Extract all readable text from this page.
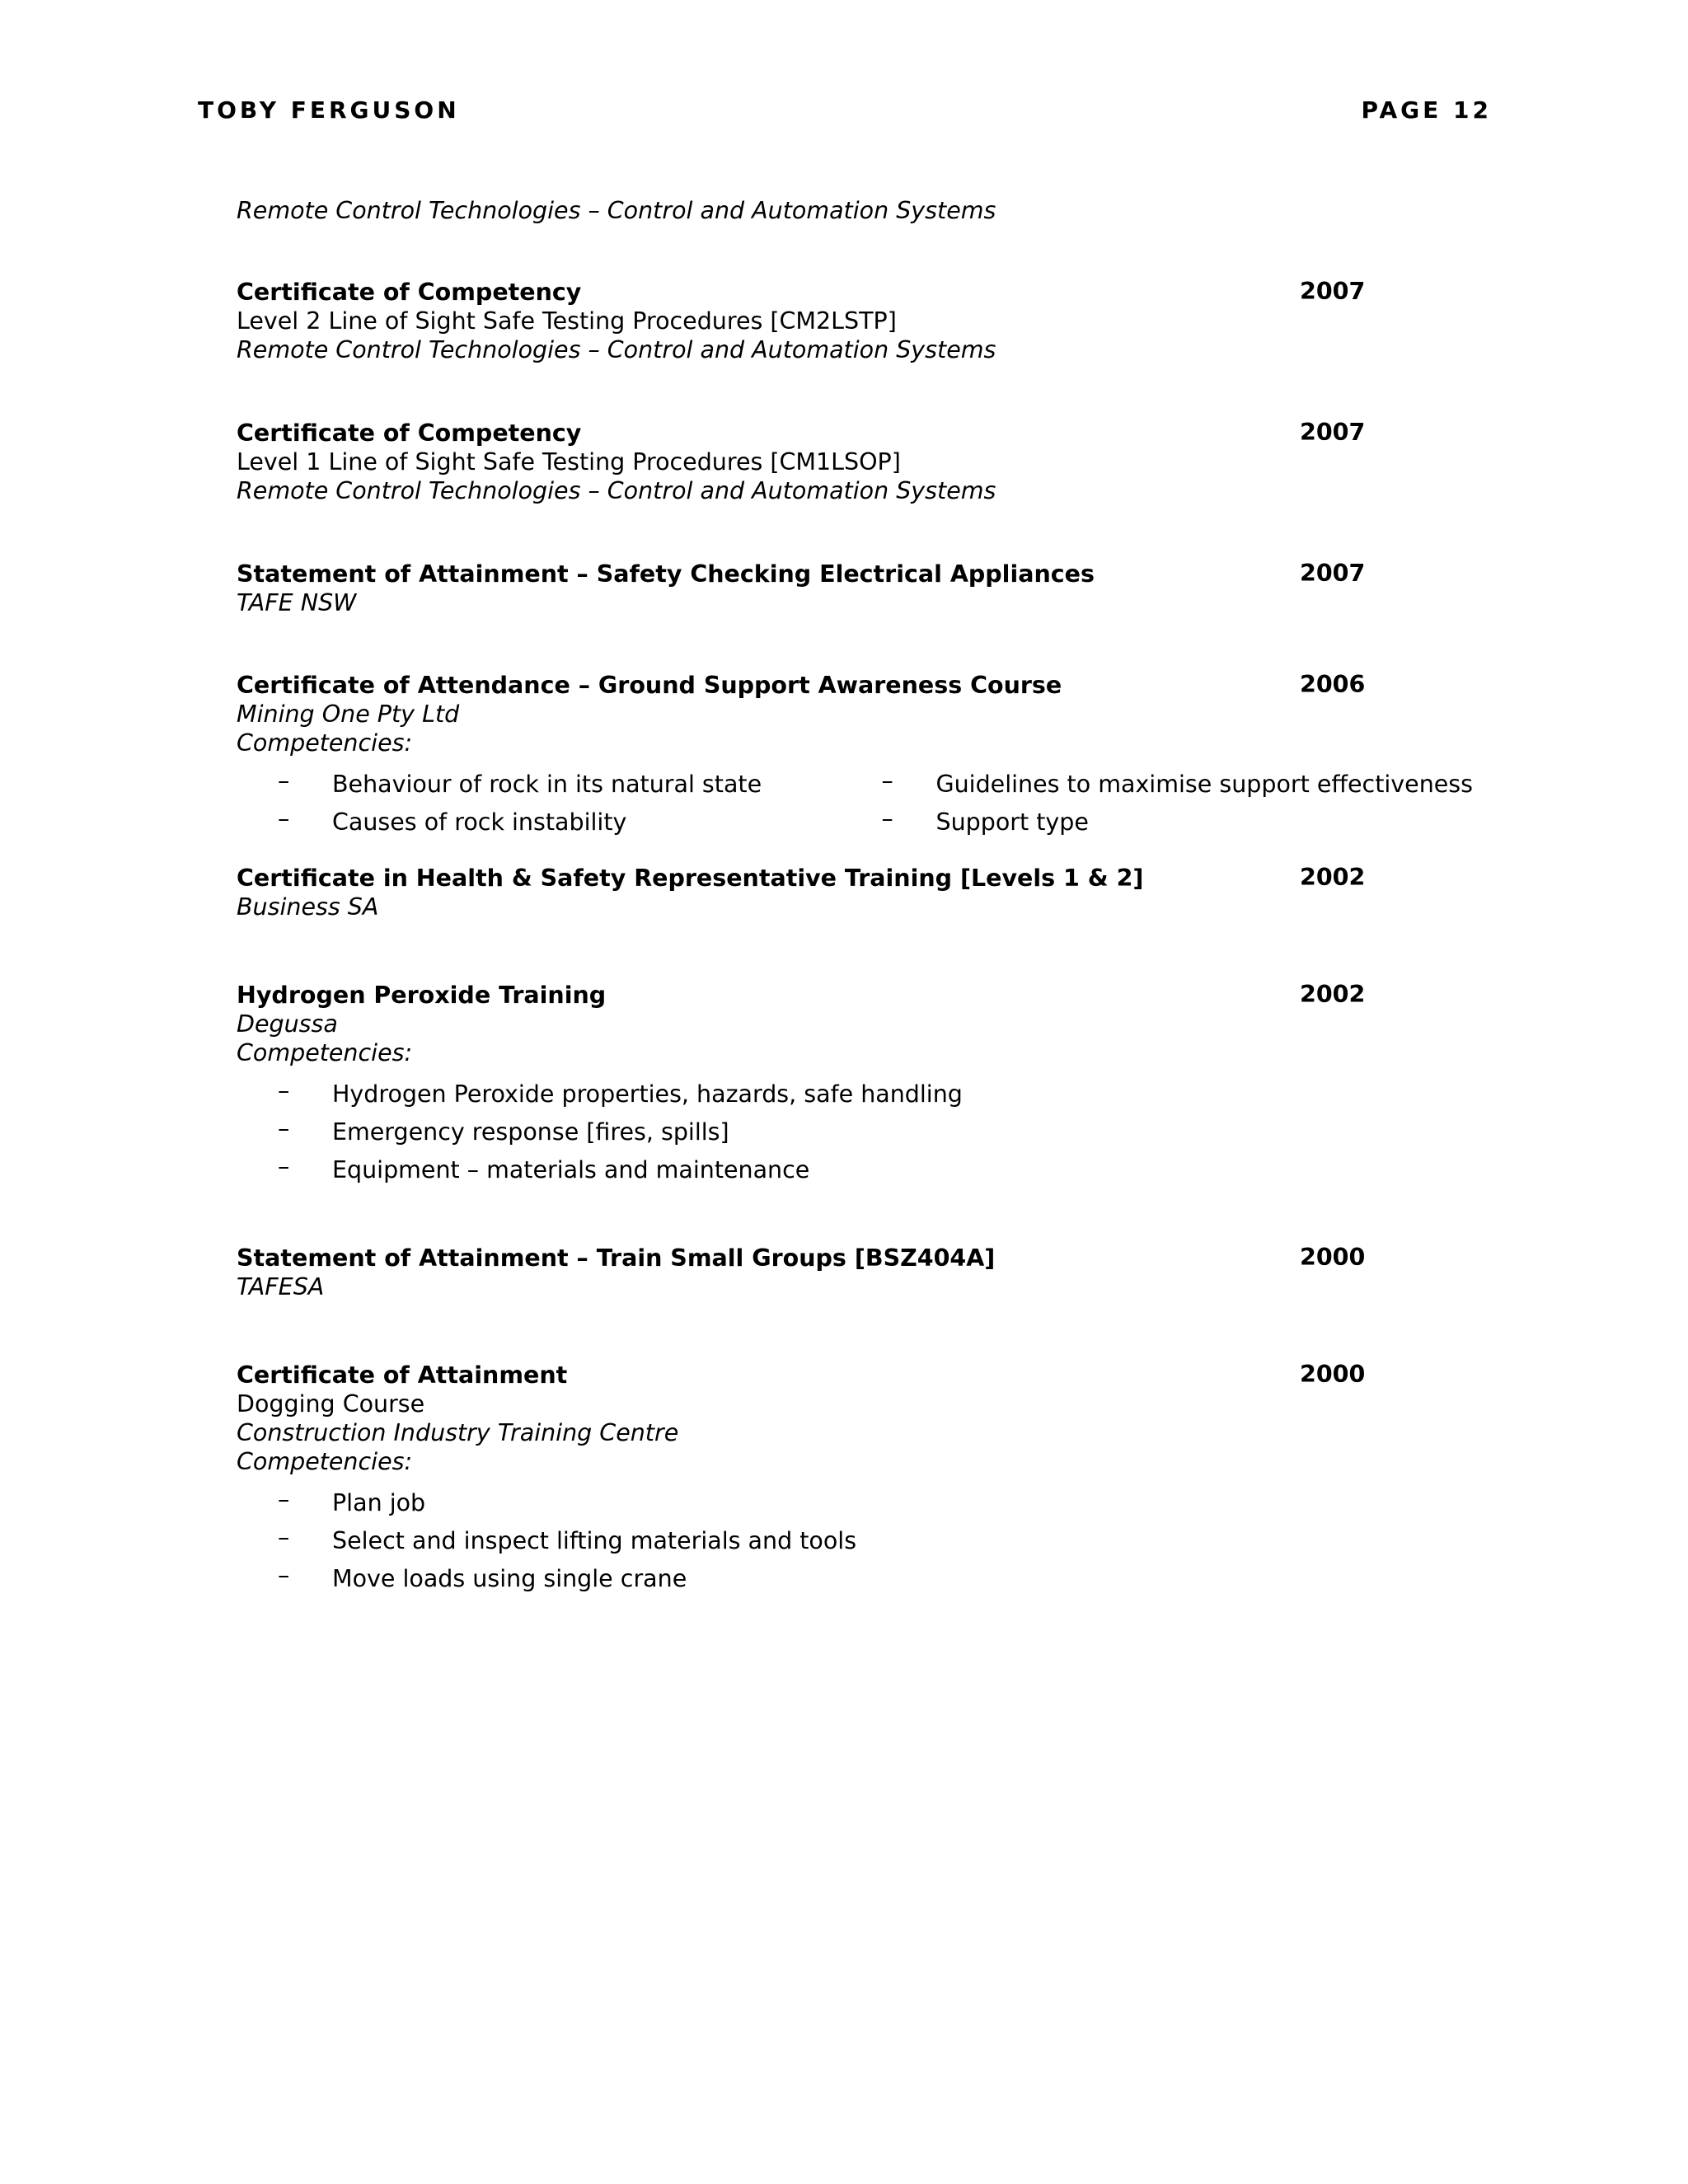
TOBY FERGUSON	PAGE 12
Remote Control Technologies – Control and Automation Systems
Certificate of Competency	2007
Level 2 Line of Sight Safe Testing Procedures [CM2LSTP]
Remote Control Technologies – Control and Automation Systems
Certificate of Competency	2007
Level 1 Line of Sight Safe Testing Procedures [CM1LSOP]
Remote Control Technologies – Control and Automation Systems
Statement of Attainment – Safety Checking Electrical Appliances	2007
TAFE NSW
Certificate of Attendance – Ground Support Awareness Course	2006
Mining One Pty Ltd
Competencies:
– Behaviour of rock in its natural state
– Causes of rock instability
– Guidelines to maximise support effectiveness
– Support type
Certificate in Health & Safety Representative Training [Levels 1 & 2]	2002
Business SA
Hydrogen Peroxide Training	2002
Degussa
Competencies:
– Hydrogen Peroxide properties, hazards, safe handling
– Emergency response [fires, spills]
– Equipment – materials and maintenance
Statement of Attainment – Train Small Groups [BSZ404A]	2000
TAFESA
Certificate of Attainment	2000
Dogging Course
Construction Industry Training Centre
Competencies:
– Plan job
– Select and inspect lifting materials and tools
– Move loads using single crane
